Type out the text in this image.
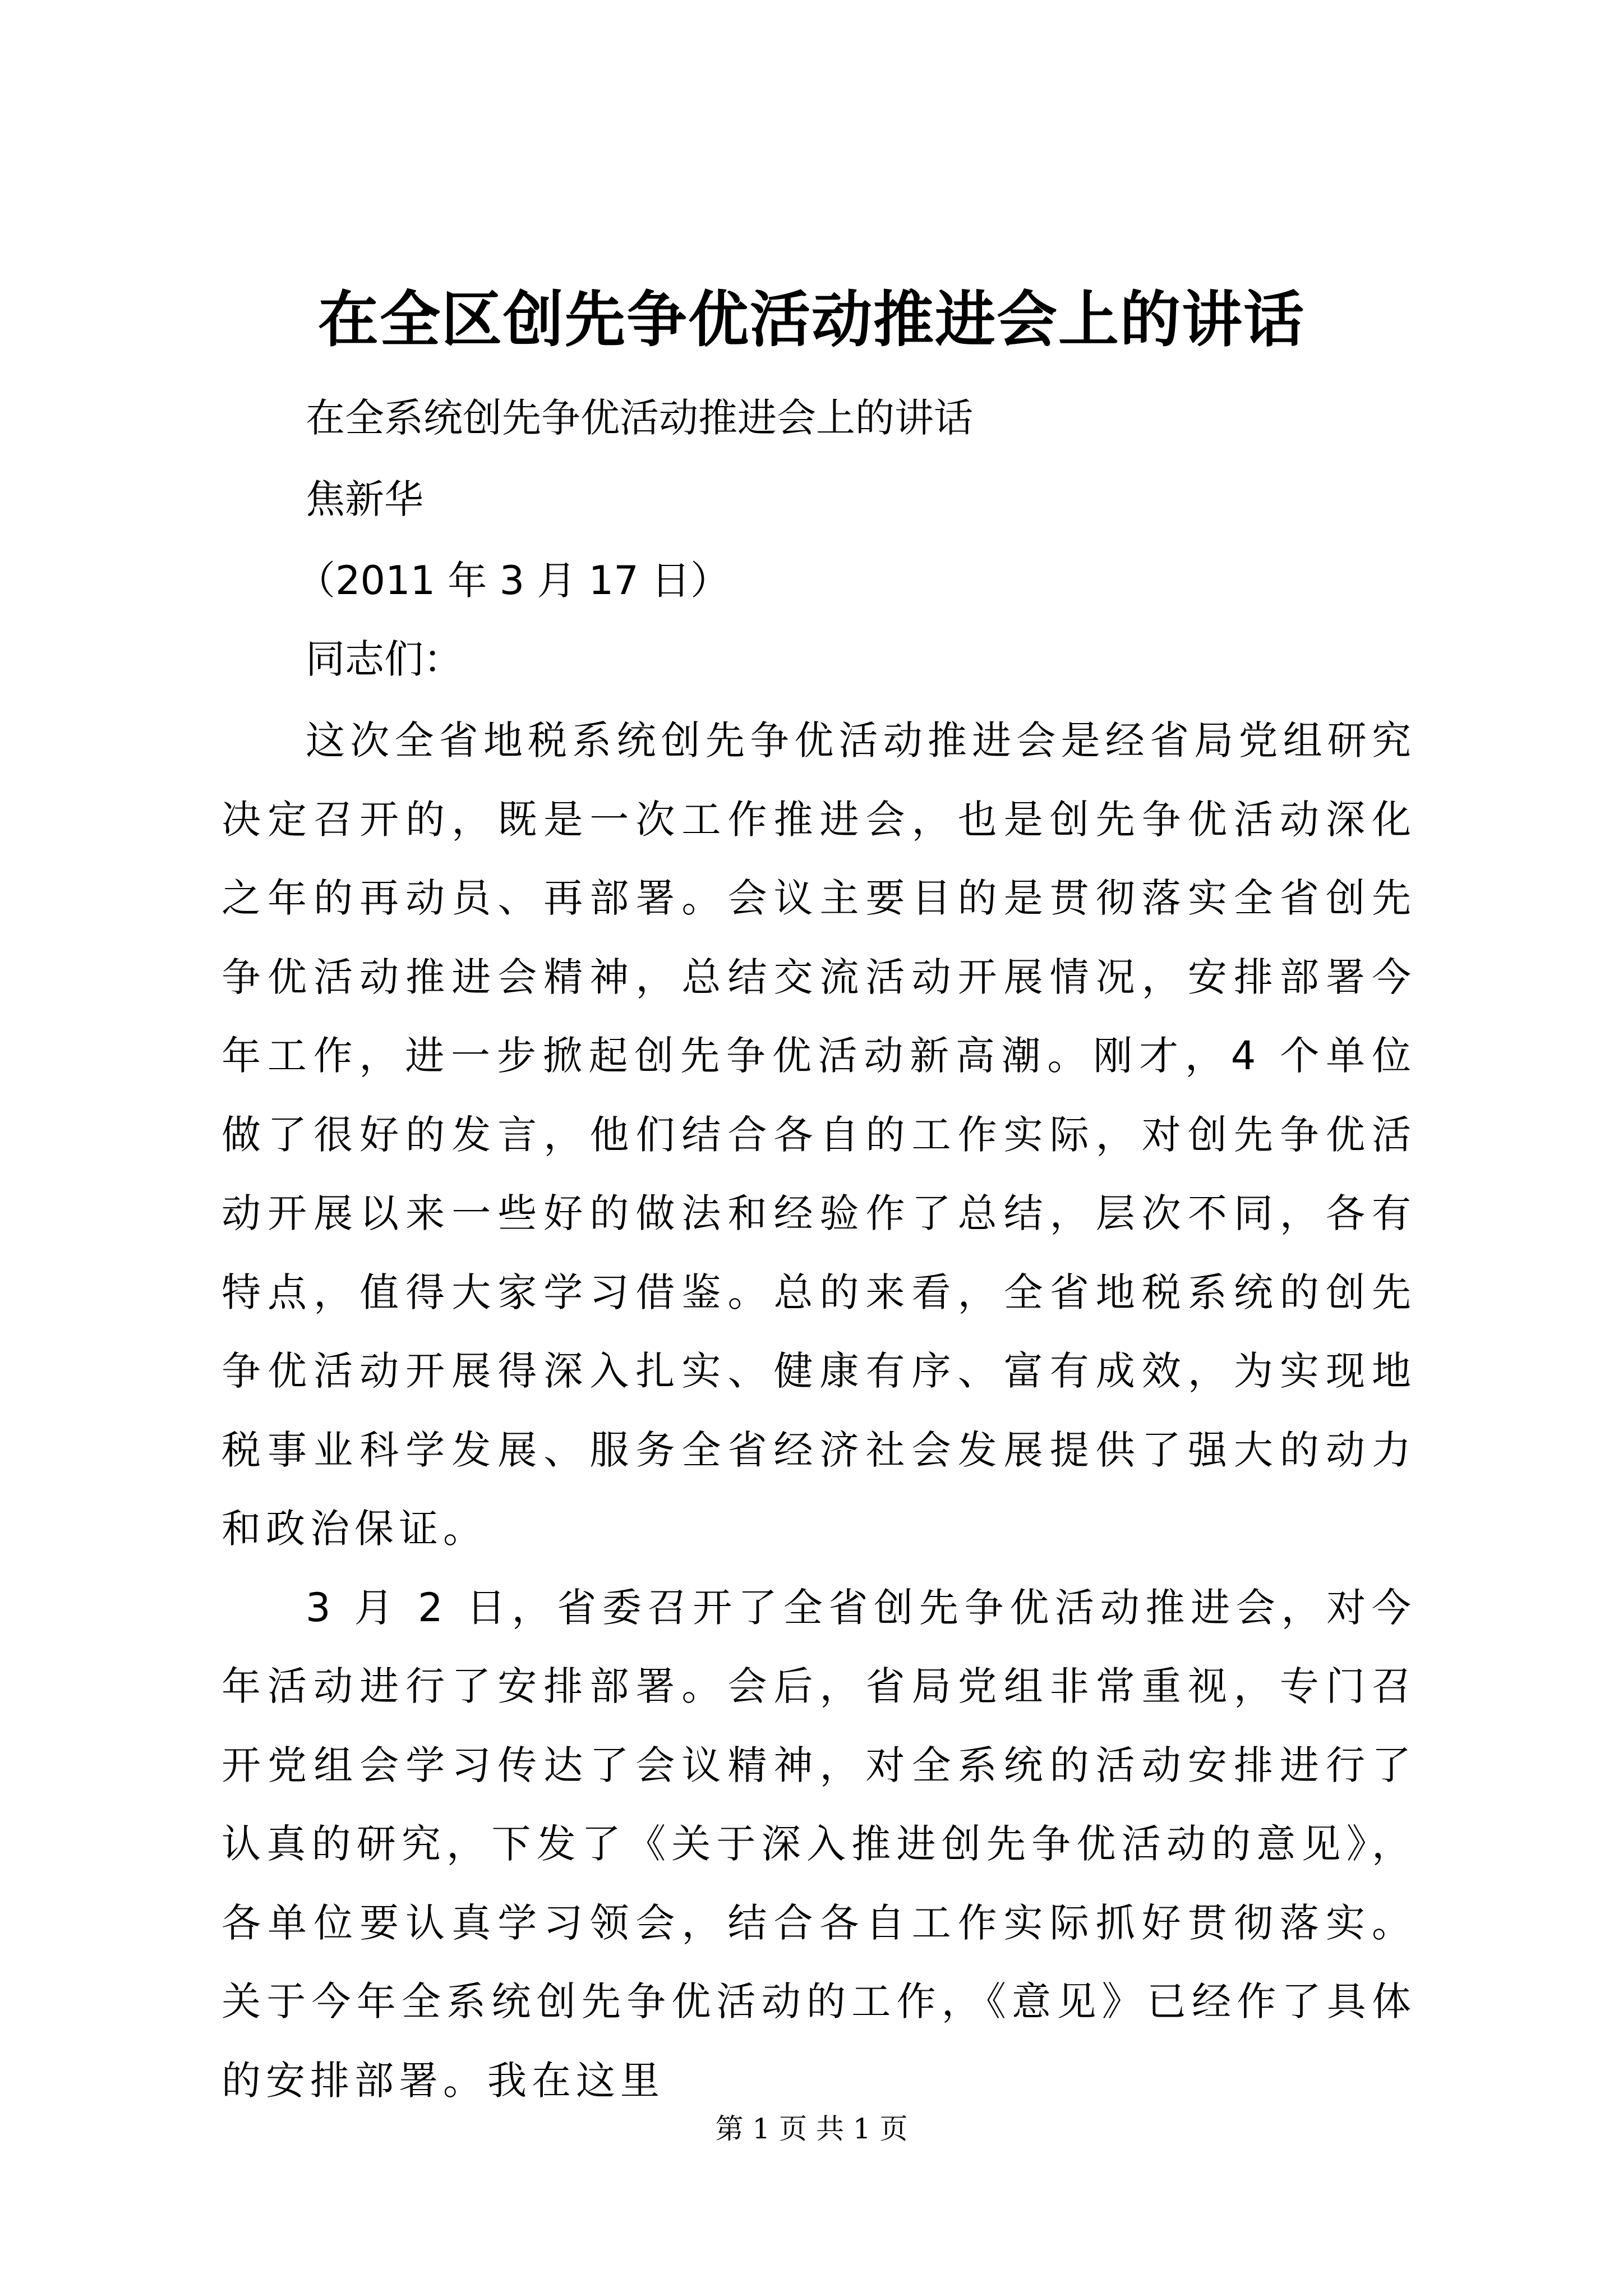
在全区创先争优活动推进会上的讲话
在全系统创先争优活动推进会上的讲话
焦新华
（2011 年 3 月 17 日）
同志们：

这次全省地税系统创先争优活动推进会是经省局党组研究决定召开的，既是一次工作推进会，也是创先争优活动深化之年的再动员、再部署。会议主要目的是贯彻落实全省创先争优活动推进会精神，总结交流活动开展情况，安排部署今年工作，进一步掀起创先争优活动新高潮。刚才，4 个单位做了很好的发言，他们结合各自的工作实际，对创先争优活动开展以来一些好的做法和经验作了总结，层次不同，各有特点，值得大家学习借鉴。总的来看，全省地税系统的创先争优活动开展得深入扎实、健康有序、富有成效，为实现地税事业科学发展、服务全省经济社会发展提供了强大的动力和政治保证。

3 月 2 日，省委召开了全省创先争优活动推进会，对今年活动进行了安排部署。会后，省局党组非常重视，专门召开党组会学习传达了会议精神，对全系统的活动安排进行了认真的研究，下发了《关于深入推进创先争优活动的意见》，各单位要认真学习领会，结合各自工作实际抓好贯彻落实。关于今年全系统创先争优活动的工作，《意见》已经作了具体的安排部署。我在这里

第 1 页 共 1 页
